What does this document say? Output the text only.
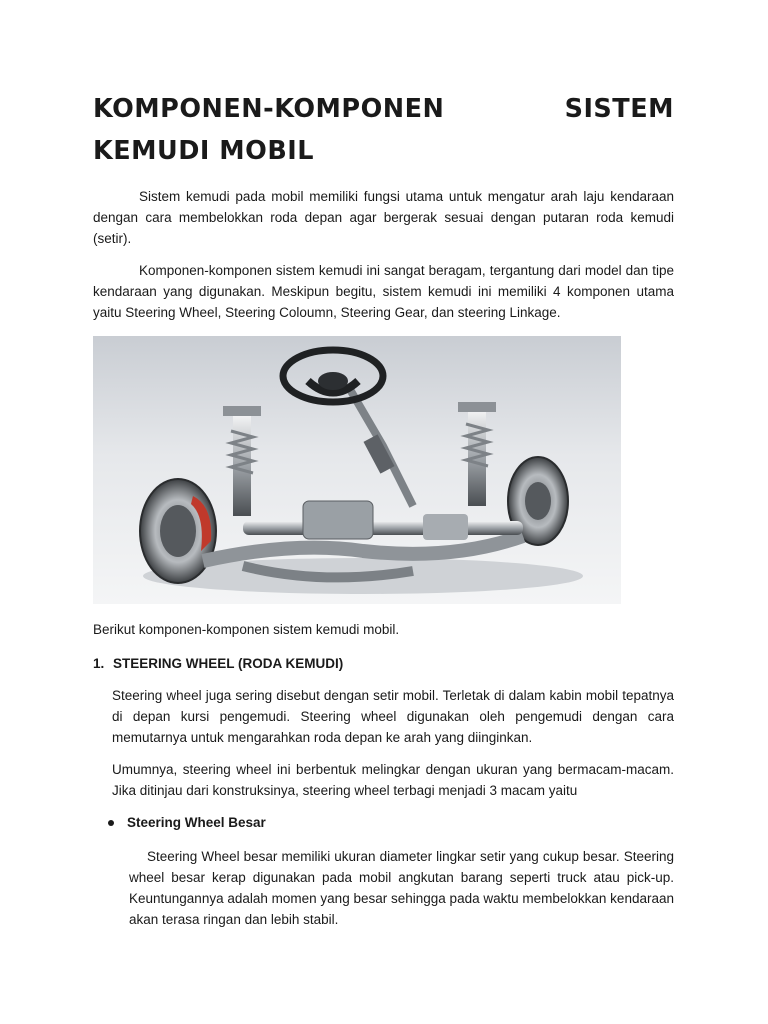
KOMPONEN-KOMPONEN	SISTEM
KEMUDI MOBIL

Sistem kemudi pada mobil memiliki fungsi utama untuk mengatur arah laju kendaraan dengan cara membelokkan roda depan agar bergerak sesuai dengan putaran roda kemudi (setir).

Komponen-komponen sistem kemudi ini sangat beragam, tergantung dari model dan tipe kendaraan yang digunakan. Meskipun begitu, sistem kemudi ini memiliki 4 komponen utama yaitu Steering Wheel, Steering Coloumn, Steering Gear, dan steering Linkage.

Berikut komponen-komponen sistem kemudi mobil.

1. STEERING WHEEL (RODA KEMUDI)

Steering wheel juga sering disebut dengan setir mobil. Terletak di dalam kabin mobil tepatnya di depan kursi pengemudi. Steering wheel digunakan oleh pengemudi dengan cara memutarnya untuk mengarahkan roda depan ke arah yang diinginkan.

Umumnya, steering wheel ini berbentuk melingkar dengan ukuran yang bermacam-macam. Jika ditinjau dari konstruksinya, steering wheel terbagi menjadi 3 macam yaitu

Steering Wheel Besar

Steering Wheel besar memiliki ukuran diameter lingkar setir yang cukup besar. Steering wheel besar kerap digunakan pada mobil angkutan barang seperti truck atau pick-up. Keuntungannya adalah momen yang besar sehingga pada waktu membelokkan kendaraan akan terasa ringan dan lebih stabil.
